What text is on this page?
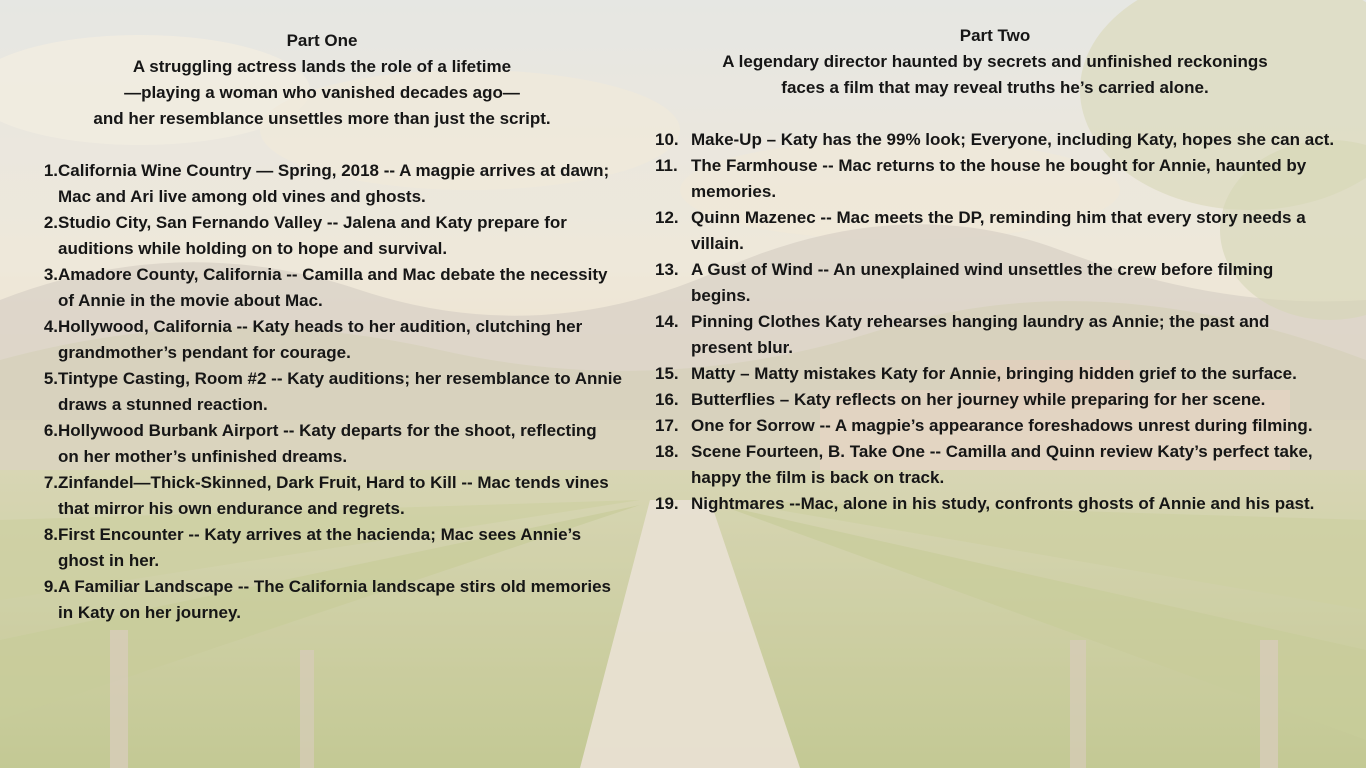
Part One
A struggling actress lands the role of a lifetime
—playing a woman who vanished decades ago—
and her resemblance unsettles more than just the script.
1. California Wine Country — Spring, 2018 -- A magpie arrives at dawn; Mac and Ari live among old vines and ghosts.
2. Studio City, San Fernando Valley -- Jalena and Katy prepare for auditions while holding on to hope and survival.
3. Amadore County, California -- Camilla and Mac debate the necessity of Annie in the movie about Mac.
4. Hollywood, California -- Katy heads to her audition, clutching her grandmother’s pendant for courage.
5. Tintype Casting, Room #2 -- Katy auditions; her resemblance to Annie draws a stunned reaction.
6. Hollywood Burbank Airport -- Katy departs for the shoot, reflecting on her mother’s unfinished dreams.
7. Zinfandel—Thick-Skinned, Dark Fruit, Hard to Kill -- Mac tends vines that mirror his own endurance and regrets.
8. First Encounter -- Katy arrives at the hacienda; Mac sees Annie’s ghost in her.
9. A Familiar Landscape -- The California landscape stirs old memories in Katy on her journey.
Part Two
A legendary director haunted by secrets and unfinished reckonings
faces a film that may reveal truths he’s carried alone.
10. Make-Up – Katy has the 99% look; Everyone, including Katy, hopes she can act.
11. The Farmhouse -- Mac returns to the house he bought for Annie, haunted by memories.
12. Quinn Mazenec -- Mac meets the DP, reminding him that every story needs a villain.
13. A Gust of Wind -- An unexplained wind unsettles the crew before filming begins.
14. Pinning Clothes Katy rehearses hanging laundry as Annie; the past and present blur.
15. Matty – Matty mistakes Katy for Annie, bringing hidden grief to the surface.
16. Butterflies – Katy reflects on her journey while preparing for her scene.
17. One for Sorrow -- A magpie’s appearance foreshadows unrest during filming.
18. Scene Fourteen, B. Take One -- Camilla and Quinn review Katy’s perfect take, happy the film is back on track.
19. Nightmares --Mac, alone in his study, confronts ghosts of Annie and his past.
